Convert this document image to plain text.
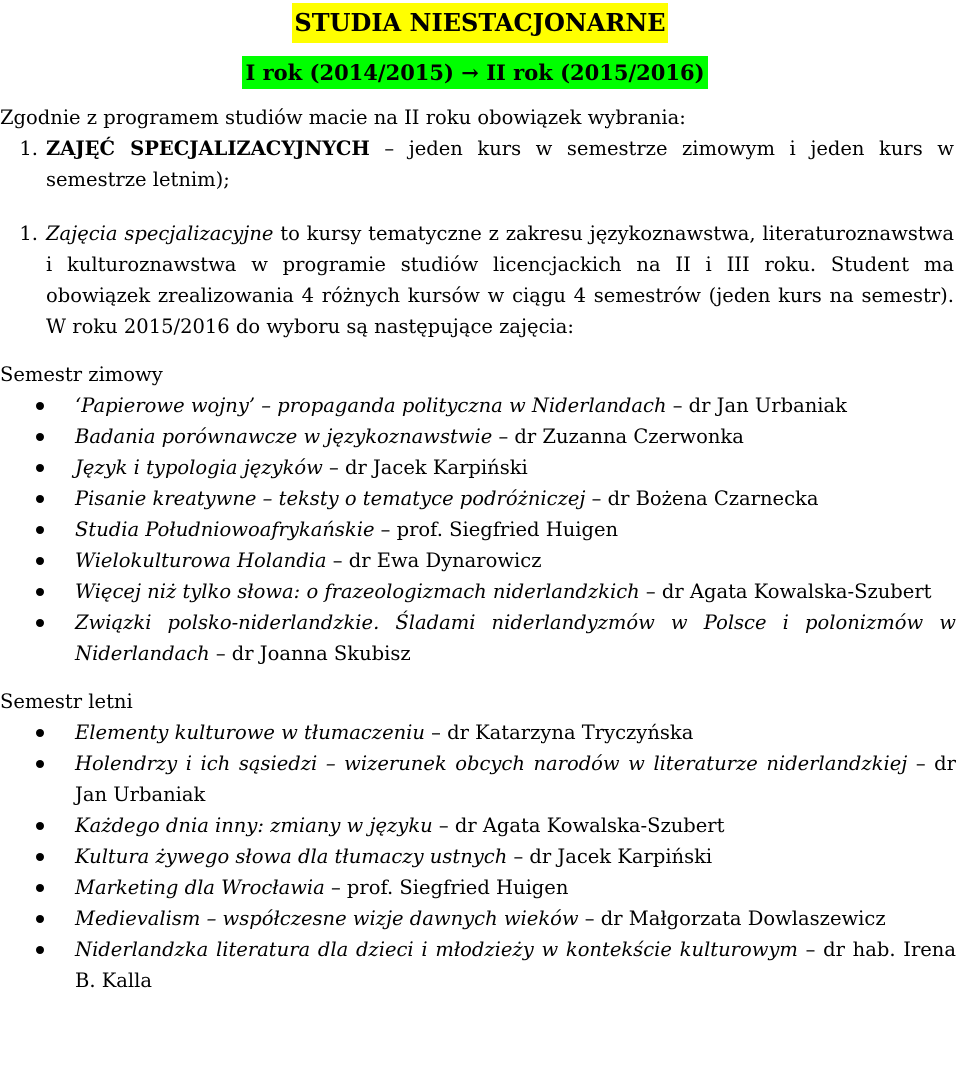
STUDIA NIESTACJONARNE
I rok (2014/2015) → II rok (2015/2016)
Zgodnie z programem studiów macie na II roku obowiązek wybrania:
1. ZAJĘĆ SPECJALIZACYJNYCH – jeden kurs w semestrze zimowym i jeden kurs w semestrze letnim);
1. Zajęcia specjalizacyjne to kursy tematyczne z zakresu językoznawstwa, literaturoznawstwa i kulturoznawstwa w programie studiów licencjackich na II i III roku. Student ma obowiązek zrealizowania 4 różnych kursów w ciągu 4 semestrów (jeden kurs na semestr). W roku 2015/2016 do wyboru są następujące zajęcia:
Semestr zimowy
‘Papierowe wojny’ – propaganda polityczna w Niderlandach – dr Jan Urbaniak
Badania porównawcze w językoznawstwie – dr Zuzanna Czerwonka
Język i typologia języków – dr Jacek Karpiński
Pisanie kreatywne – teksty o tematyce podróżniczej – dr Bożena Czarnecka
Studia Południowoafrykańskie – prof. Siegfried Huigen
Wielokulturowa Holandia – dr Ewa Dynarowicz
Więcej niż tylko słowa: o frazeologizmach niderlandzkich – dr Agata Kowalska-Szubert
Związki polsko-niderlandzkie. Śladami niderlandyzmów w Polsce i polonizmów w Niderlandach – dr Joanna Skubisz
Semestr letni
Elementy kulturowe w tłumaczeniu – dr Katarzyna Tryczyńska
Holendrzy i ich sąsiedzi – wizerunek obcych narodów w literaturze niderlandzkiej – dr Jan Urbaniak
Każdego dnia inny: zmiany w języku – dr Agata Kowalska-Szubert
Kultura żywego słowa dla tłumaczy ustnych – dr Jacek Karpiński
Marketing dla Wrocławia – prof. Siegfried Huigen
Medievalism – współczesne wizje dawnych wieków – dr Małgorzata Dowlaszewicz
Niderlandzka literatura dla dzieci i młodzieży w kontekście kulturowym – dr hab. Irena B. Kalla
